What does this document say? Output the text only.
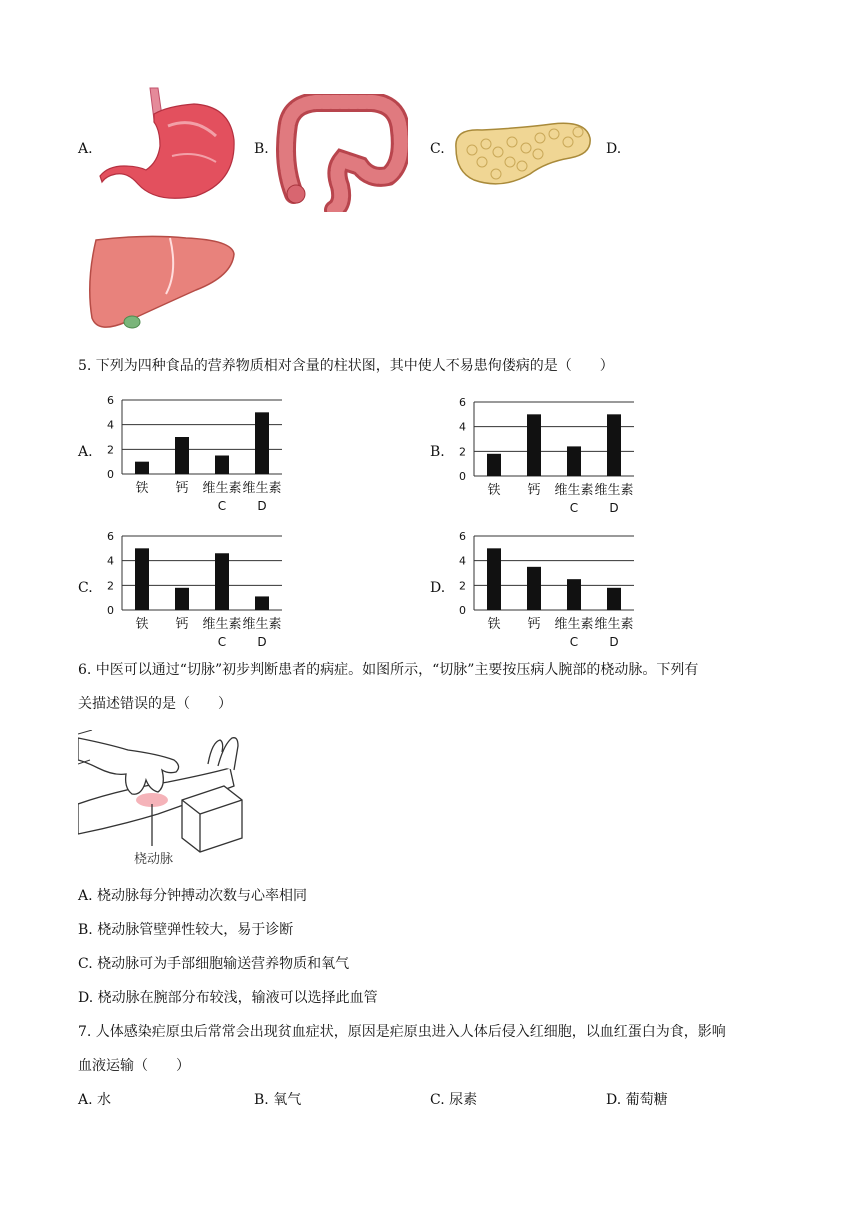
A.	B.	C.	D.
5. 下列为四种食品的营养物质相对含量的柱状图，其中使人不易患佝偻病的是（　　）
A.
0
2
4
6
铁 钙 维生素
C
维生素
D
B.
0
2
4
6
铁 钙 维生素
C
维生素
D
C.
0
2
4
6
铁 钙 维生素
C
维生素
D
D.
0
2
4
6
铁 钙 维生素
C
维生素
D
6. 中医可以通过“切脉”初步判断患者的病症。如图所示，“切脉”主要按压病人腕部的桡动脉。下列有
关描述错误的是（　　）
桡动脉
A. 桡动脉每分钟搏动次数与心率相同
B. 桡动脉管壁弹性较大，易于诊断
C. 桡动脉可为手部细胞输送营养物质和氧气
D. 桡动脉在腕部分布较浅，输液可以选择此血管
7. 人体感染疟原虫后常常会出现贫血症状，原因是疟原虫进入人体后侵入红细胞，以血红蛋白为食，影响
血液运输（　　）
A. 水	B. 氧气	C. 尿素	D. 葡萄糖
